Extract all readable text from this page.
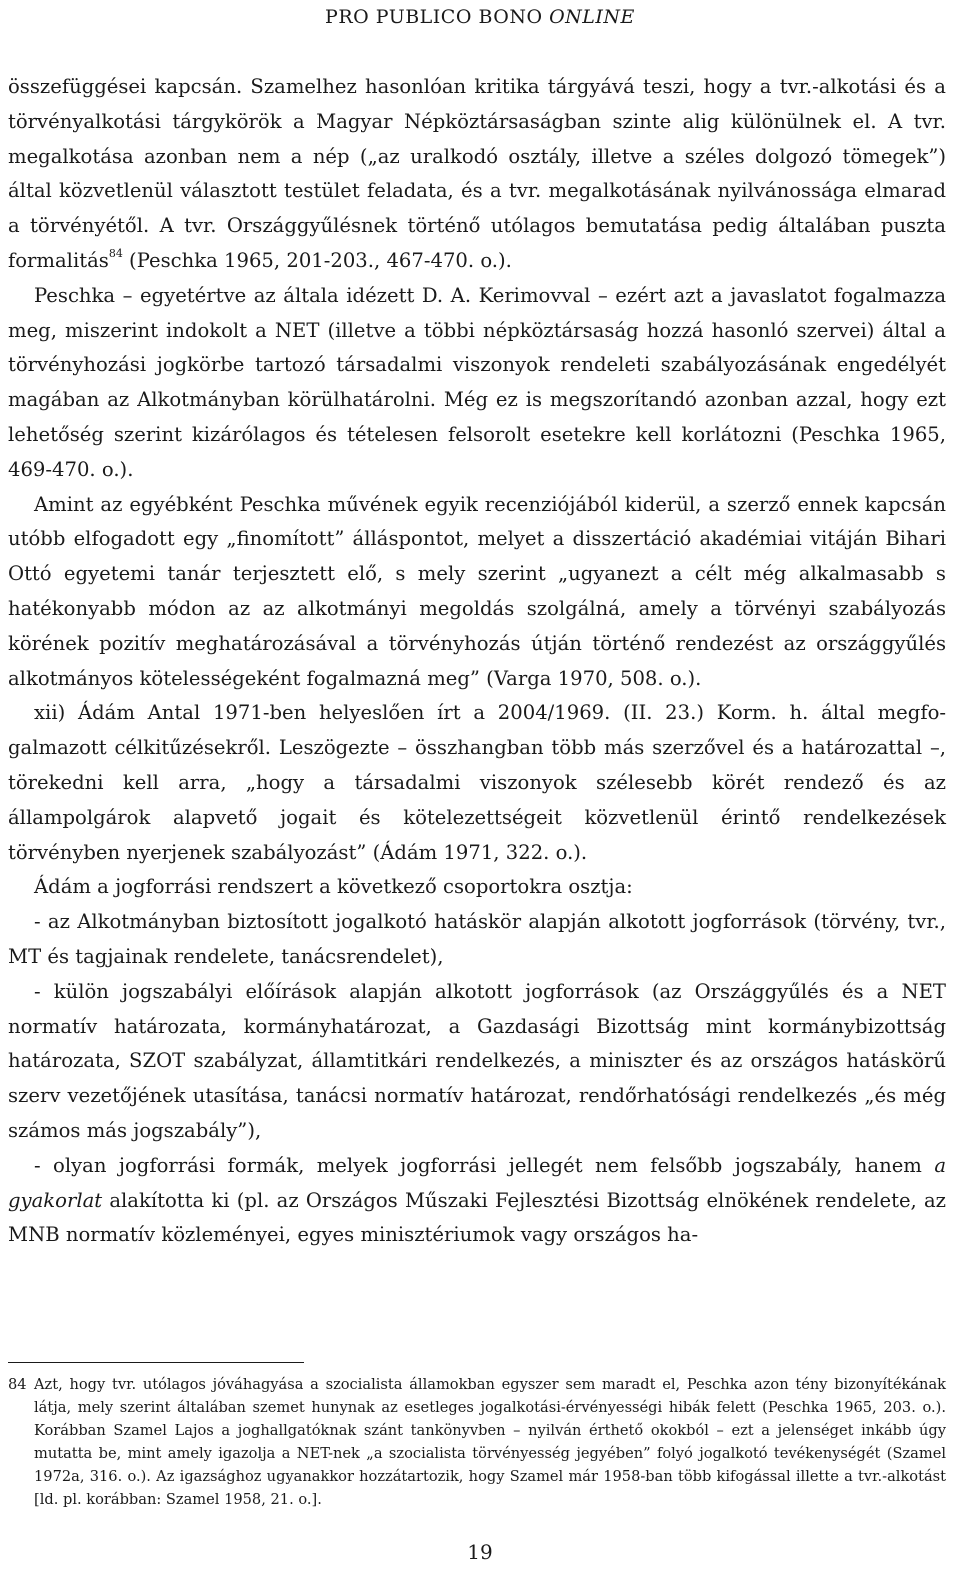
PRO PUBLICO BONO ONLINE

összefüggései kapcsán. Szamelhez hasonlóan kritika tárgyává teszi, hogy a tvr.-alkotási és a törvényalkotási tárgykörök a Magyar Népköztársaságban szinte alig különülnek el. A tvr. megalkotása azonban nem a nép („az uralkodó osztály, illetve a széles dolgozó tömegek”) által közvetlenül választott testület feladata, és a tvr. megalkotásának nyilvánossága elmarad a törvényétől. A tvr. Országgyűlésnek történő utólagos bemutatása pedig általában puszta formalitás$^{84}$ (Peschka 1965, 201-203., 467-470. o.).

Peschka – egyetértve az általa idézett D. A. Kerimovval – ezért azt a javaslatot fogalmazza meg, miszerint indokolt a NET (illetve a többi népköztársaság hozzá hasonló szervei) által a törvényhozási jogkörbe tartozó társadalmi viszonyok rendeleti szabályozásának engedélyét magában az Alkotmányban körülhatárolni. Még ez is megszorítandó azonban azzal, hogy ezt lehetőség szerint kizárólagos és tételesen felsorolt esetekre kell korlátozni (Peschka 1965, 469-470. o.).

Amint az egyébként Peschka művének egyik recenziójából kiderül, a szerző ennek kapcsán utóbb elfogadott egy „finomított” álláspontot, melyet a disszertáció akadémiai vitáján Bihari Ottó egyetemi tanár terjesztett elő, s mely szerint „ugyanezt a célt még alkalmasabb s hatékonyabb módon az az alkotmányi megoldás szolgálná, amely a törvényi szabályozás körének pozitív meghatározásával a törvényhozás útján történő rendezést az országgyűlés alkotmányos kötelességeként fogalmazná meg” (Varga 1970, 508. o.).

xii) Ádám Antal 1971-ben helyeslően írt a 2004/1969. (II. 23.) Korm. h. által megfogalmazott célkitűzésekről. Leszögezte – összhangban több más szerzővel és a határozattal –, törekedni kell arra, „hogy a társadalmi viszonyok szélesebb körét rendező és az állampolgárok alapvető jogait és kötelezettségeit közvetlenül érintő rendelkezések törvényben nyerjenek szabályozást” (Ádám 1971, 322. o.).

Ádám a jogforrási rendszert a következő csoportokra osztja:

- az Alkotmányban biztosított jogalkotó hatáskör alapján alkotott jogforrások (törvény, tvr., MT és tagjainak rendelete, tanácsrendelet),

- külön jogszabályi előírások alapján alkotott jogforrások (az Országgyűlés és a NET normatív határozata, kormányhatározat, a Gazdasági Bizottság mint kormánybizottság határozata, SZOT szabályzat, államtitkári rendelkezés, a miniszter és az országos hatáskörű szerv vezetőjének utasítása, tanácsi normatív határozat, rendőrhatósági rendelkezés „és még számos más jogszabály”),

- olyan jogforrási formák, melyek jogforrási jellegét nem felsőbb jogszabály, hanem a gyakorlat alakította ki (pl. az Országos Műszaki Fejlesztési Bizottság elnökének rendelete, az MNB normatív közleményei, egyes minisztériumok vagy országos ha-

84 Azt, hogy tvr. utólagos jóváhagyása a szocialista államokban egyszer sem maradt el, Peschka azon tény bizonyítékának látja, mely szerint általában szemet hunynak az esetleges jogalkotási-érvényességi hibák felett (Peschka 1965, 203. o.). Korábban Szamel Lajos a joghallgatóknak szánt tankönyvben – nyilván érthető okokból – ezt a jelenséget inkább úgy mutatta be, mint amely igazolja a NET-nek „a szocialista törvényesség jegyében” folyó jogalkotó tevékenységét (Szamel 1972a, 316. o.). Az igazsághoz ugyanakkor hozzátartozik, hogy Szamel már 1958-ban több kifogással illette a tvr.-alkotást [ld. pl. korábban: Szamel 1958, 21. o.].
19
